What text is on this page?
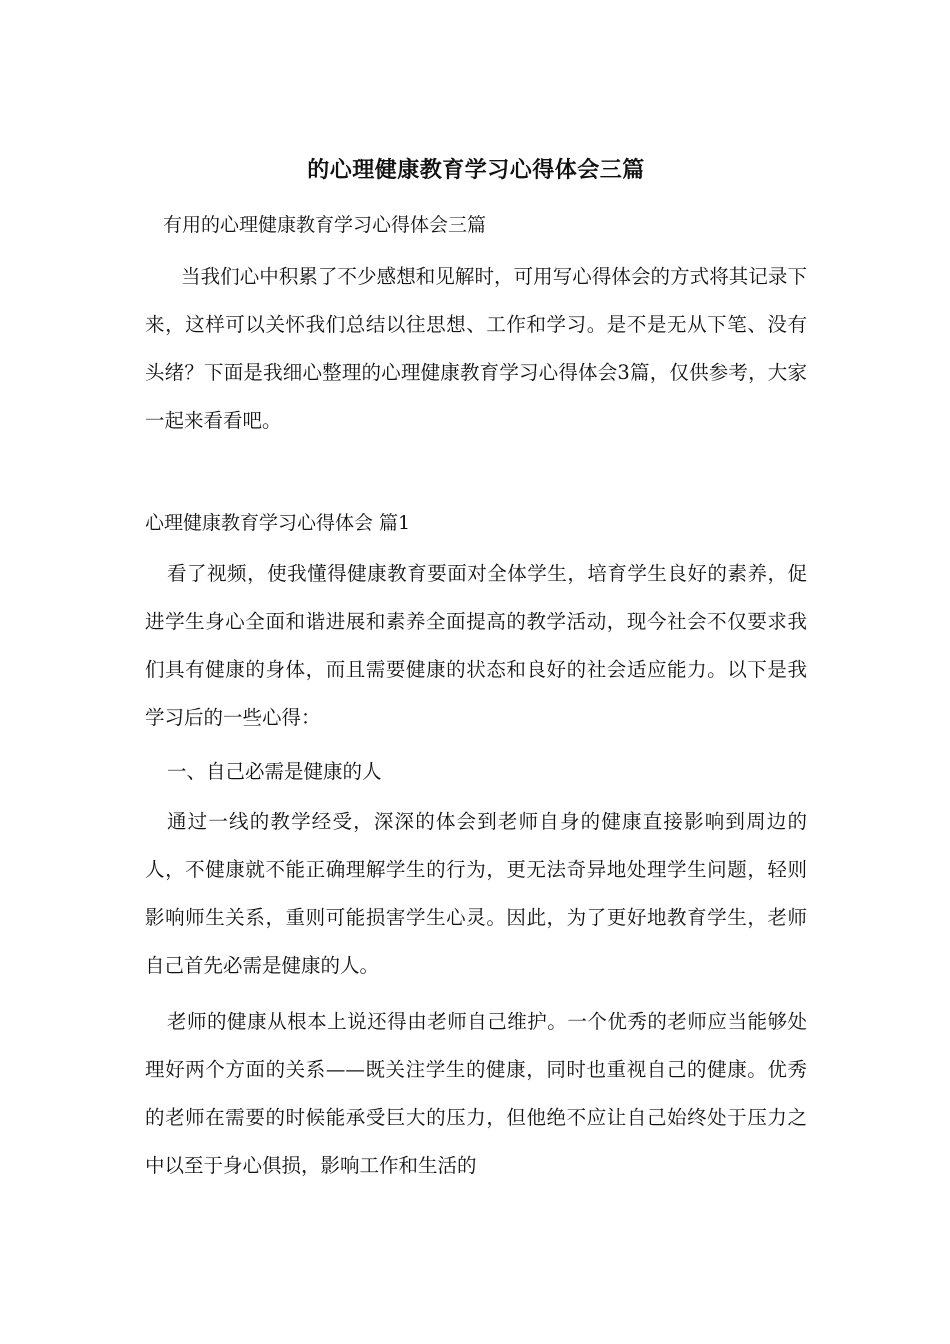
的心理健康教育学习心得体会三篇
有用的心理健康教育学习心得体会三篇

当我们心中积累了不少感想和见解时，可用写心得体会的方式将其记录下来，这样可以关怀我们总结以往思想、工作和学习。是不是无从下笔、没有头绪？下面是我细心整理的心理健康教育学习心得体会3篇，仅供参考，大家一起来看看吧。

心理健康教育学习心得体会 篇1

看了视频，使我懂得健康教育要面对全体学生，培育学生良好的素养，促进学生身心全面和谐进展和素养全面提高的教学活动，现今社会不仅要求我们具有健康的身体，而且需要健康的状态和良好的社会适应能力。以下是我学习后的一些心得：

一、自己必需是健康的人

通过一线的教学经受，深深的体会到老师自身的健康直接影响到周边的人，不健康就不能正确理解学生的行为，更无法奇异地处理学生问题，轻则影响师生关系，重则可能损害学生心灵。因此，为了更好地教育学生，老师自己首先必需是健康的人。

老师的健康从根本上说还得由老师自己维护。一个优秀的老师应当能够处理好两个方面的关系——既关注学生的健康，同时也重视自己的健康。优秀的老师在需要的时候能承受巨大的压力，但他绝不应让自己始终处于压力之中以至于身心俱损，影响工作和生活的
